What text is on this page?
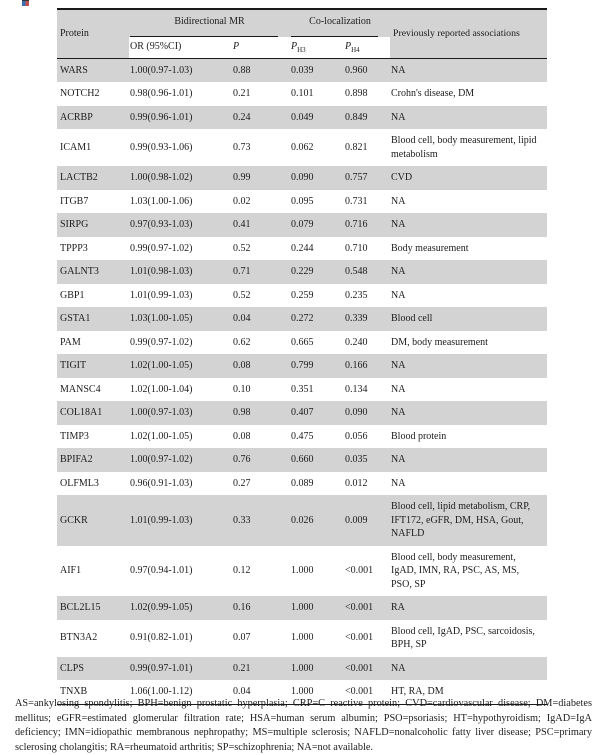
Protein	Bidirectional MR		Co-localization		Previously reported associations
	OR (95%CI)	P	$P_{H3}$	$P_{H4}$
WARS	1.00(0.97-1.03)	0.88	0.039	0.960	NA
NOTCH2	0.98(0.96-1.01)	0.21	0.101	0.898	Crohn's disease, DM
ACRBP	0.99(0.96-1.01)	0.24	0.049	0.849	NA
ICAM1	0.99(0.93-1.06)	0.73	0.062	0.821	Blood cell, body measurement, lipid metabolism
LACTB2	1.00(0.98-1.02)	0.99	0.090	0.757	CVD
ITGB7	1.03(1.00-1.06)	0.02	0.095	0.731	NA
SIRPG	0.97(0.93-1.03)	0.41	0.079	0.716	NA
TPPP3	0.99(0.97-1.02)	0.52	0.244	0.710	Body measurement
GALNT3	1.01(0.98-1.03)	0.71	0.229	0.548	NA
GBP1	1.01(0.99-1.03)	0.52	0.259	0.235	NA
GSTA1	1.03(1.00-1.05)	0.04	0.272	0.339	Blood cell
PAM	0.99(0.97-1.02)	0.62	0.665	0.240	DM, body measurement
TIGIT	1.02(1.00-1.05)	0.08	0.799	0.166	NA
MANSC4	1.02(1.00-1.04)	0.10	0.351	0.134	NA
COL18A1	1.00(0.97-1.03)	0.98	0.407	0.090	NA
TIMP3	1.02(1.00-1.05)	0.08	0.475	0.056	Blood protein
BPIFA2	1.00(0.97-1.02)	0.76	0.660	0.035	NA
OLFML3	0.96(0.91-1.03)	0.27	0.089	0.012	NA
GCKR	1.01(0.99-1.03)	0.33	0.026	0.009	Blood cell, lipid metabolism, CRP, IFT172, eGFR, DM, HSA, Gout, NAFLD
AIF1	0.97(0.94-1.01)	0.12	1.000	<0.001	Blood cell, body measurement, IgAD, IMN, RA, PSC, AS, MS, PSO, SP
BCL2L15	1.02(0.99-1.05)	0.16	1.000	<0.001	RA
BTN3A2	0.91(0.82-1.01)	0.07	1.000	<0.001	Blood cell, IgAD, PSC, sarcoidosis, BPH, SP
CLPS	0.99(0.97-1.01)	0.21	1.000	<0.001	NA
TNXB	1.06(1.00-1.12)	0.04	1.000	<0.001	HT, RA, DM

AS=ankylosing spondylitis; BPH=benign prostatic hyperplasia; CRP=C reactive protein; CVD=cardiovascular disease; DM=diabetes mellitus; eGFR=estimated glomerular filtration rate; HSA=human serum albumin; PSO=psoriasis; HT=hypothyroidism; IgAD=IgA deficiency; IMN=idiopathic membranous nephropathy; MS=multiple sclerosis; NAFLD=nonalcoholic fatty liver disease; PSC=primary sclerosing cholangitis; RA=rheumatoid arthritis; SP=schizophrenia; NA=not available.
